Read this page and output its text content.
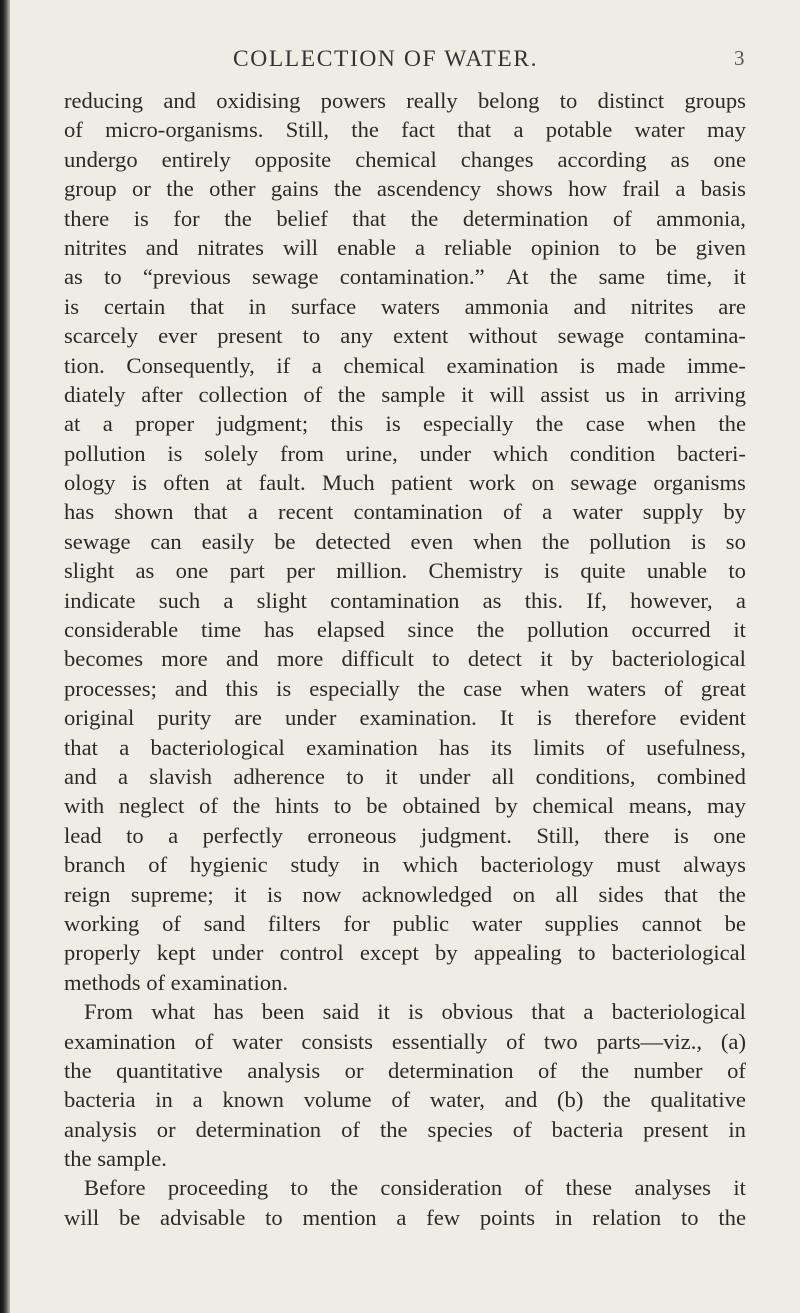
COLLECTION OF WATER.	3
reducing and oxidising powers really belong to distinct groups
of micro-organisms. Still, the fact that a potable water may
undergo entirely opposite chemical changes according as one
group or the other gains the ascendency shows how frail a basis
there is for the belief that the determination of ammonia,
nitrites and nitrates will enable a reliable opinion to be given
as to “previous sewage contamination.” At the same time, it
is certain that in surface waters ammonia and nitrites are
scarcely ever present to any extent without sewage contamina-
tion. Consequently, if a chemical examination is made imme-
diately after collection of the sample it will assist us in arriving
at a proper judgment; this is especially the case when the
pollution is solely from urine, under which condition bacteri-
ology is often at fault. Much patient work on sewage organisms
has shown that a recent contamination of a water supply by
sewage can easily be detected even when the pollution is so
slight as one part per million. Chemistry is quite unable to
indicate such a slight contamination as this. If, however, a
considerable time has elapsed since the pollution occurred it
becomes more and more difficult to detect it by bacteriological
processes; and this is especially the case when waters of great
original purity are under examination. It is therefore evident
that a bacteriological examination has its limits of usefulness,
and a slavish adherence to it under all conditions, combined
with neglect of the hints to be obtained by chemical means, may
lead to a perfectly erroneous judgment. Still, there is one
branch of hygienic study in which bacteriology must always
reign supreme; it is now acknowledged on all sides that the
working of sand filters for public water supplies cannot be
properly kept under control except by appealing to bacteriological
methods of examination.
From what has been said it is obvious that a bacteriological
examination of water consists essentially of two parts—viz., (a)
the quantitative analysis or determination of the number of
bacteria in a known volume of water, and (b) the qualitative
analysis or determination of the species of bacteria present in
the sample.
Before proceeding to the consideration of these analyses it
will be advisable to mention a few points in relation to the
